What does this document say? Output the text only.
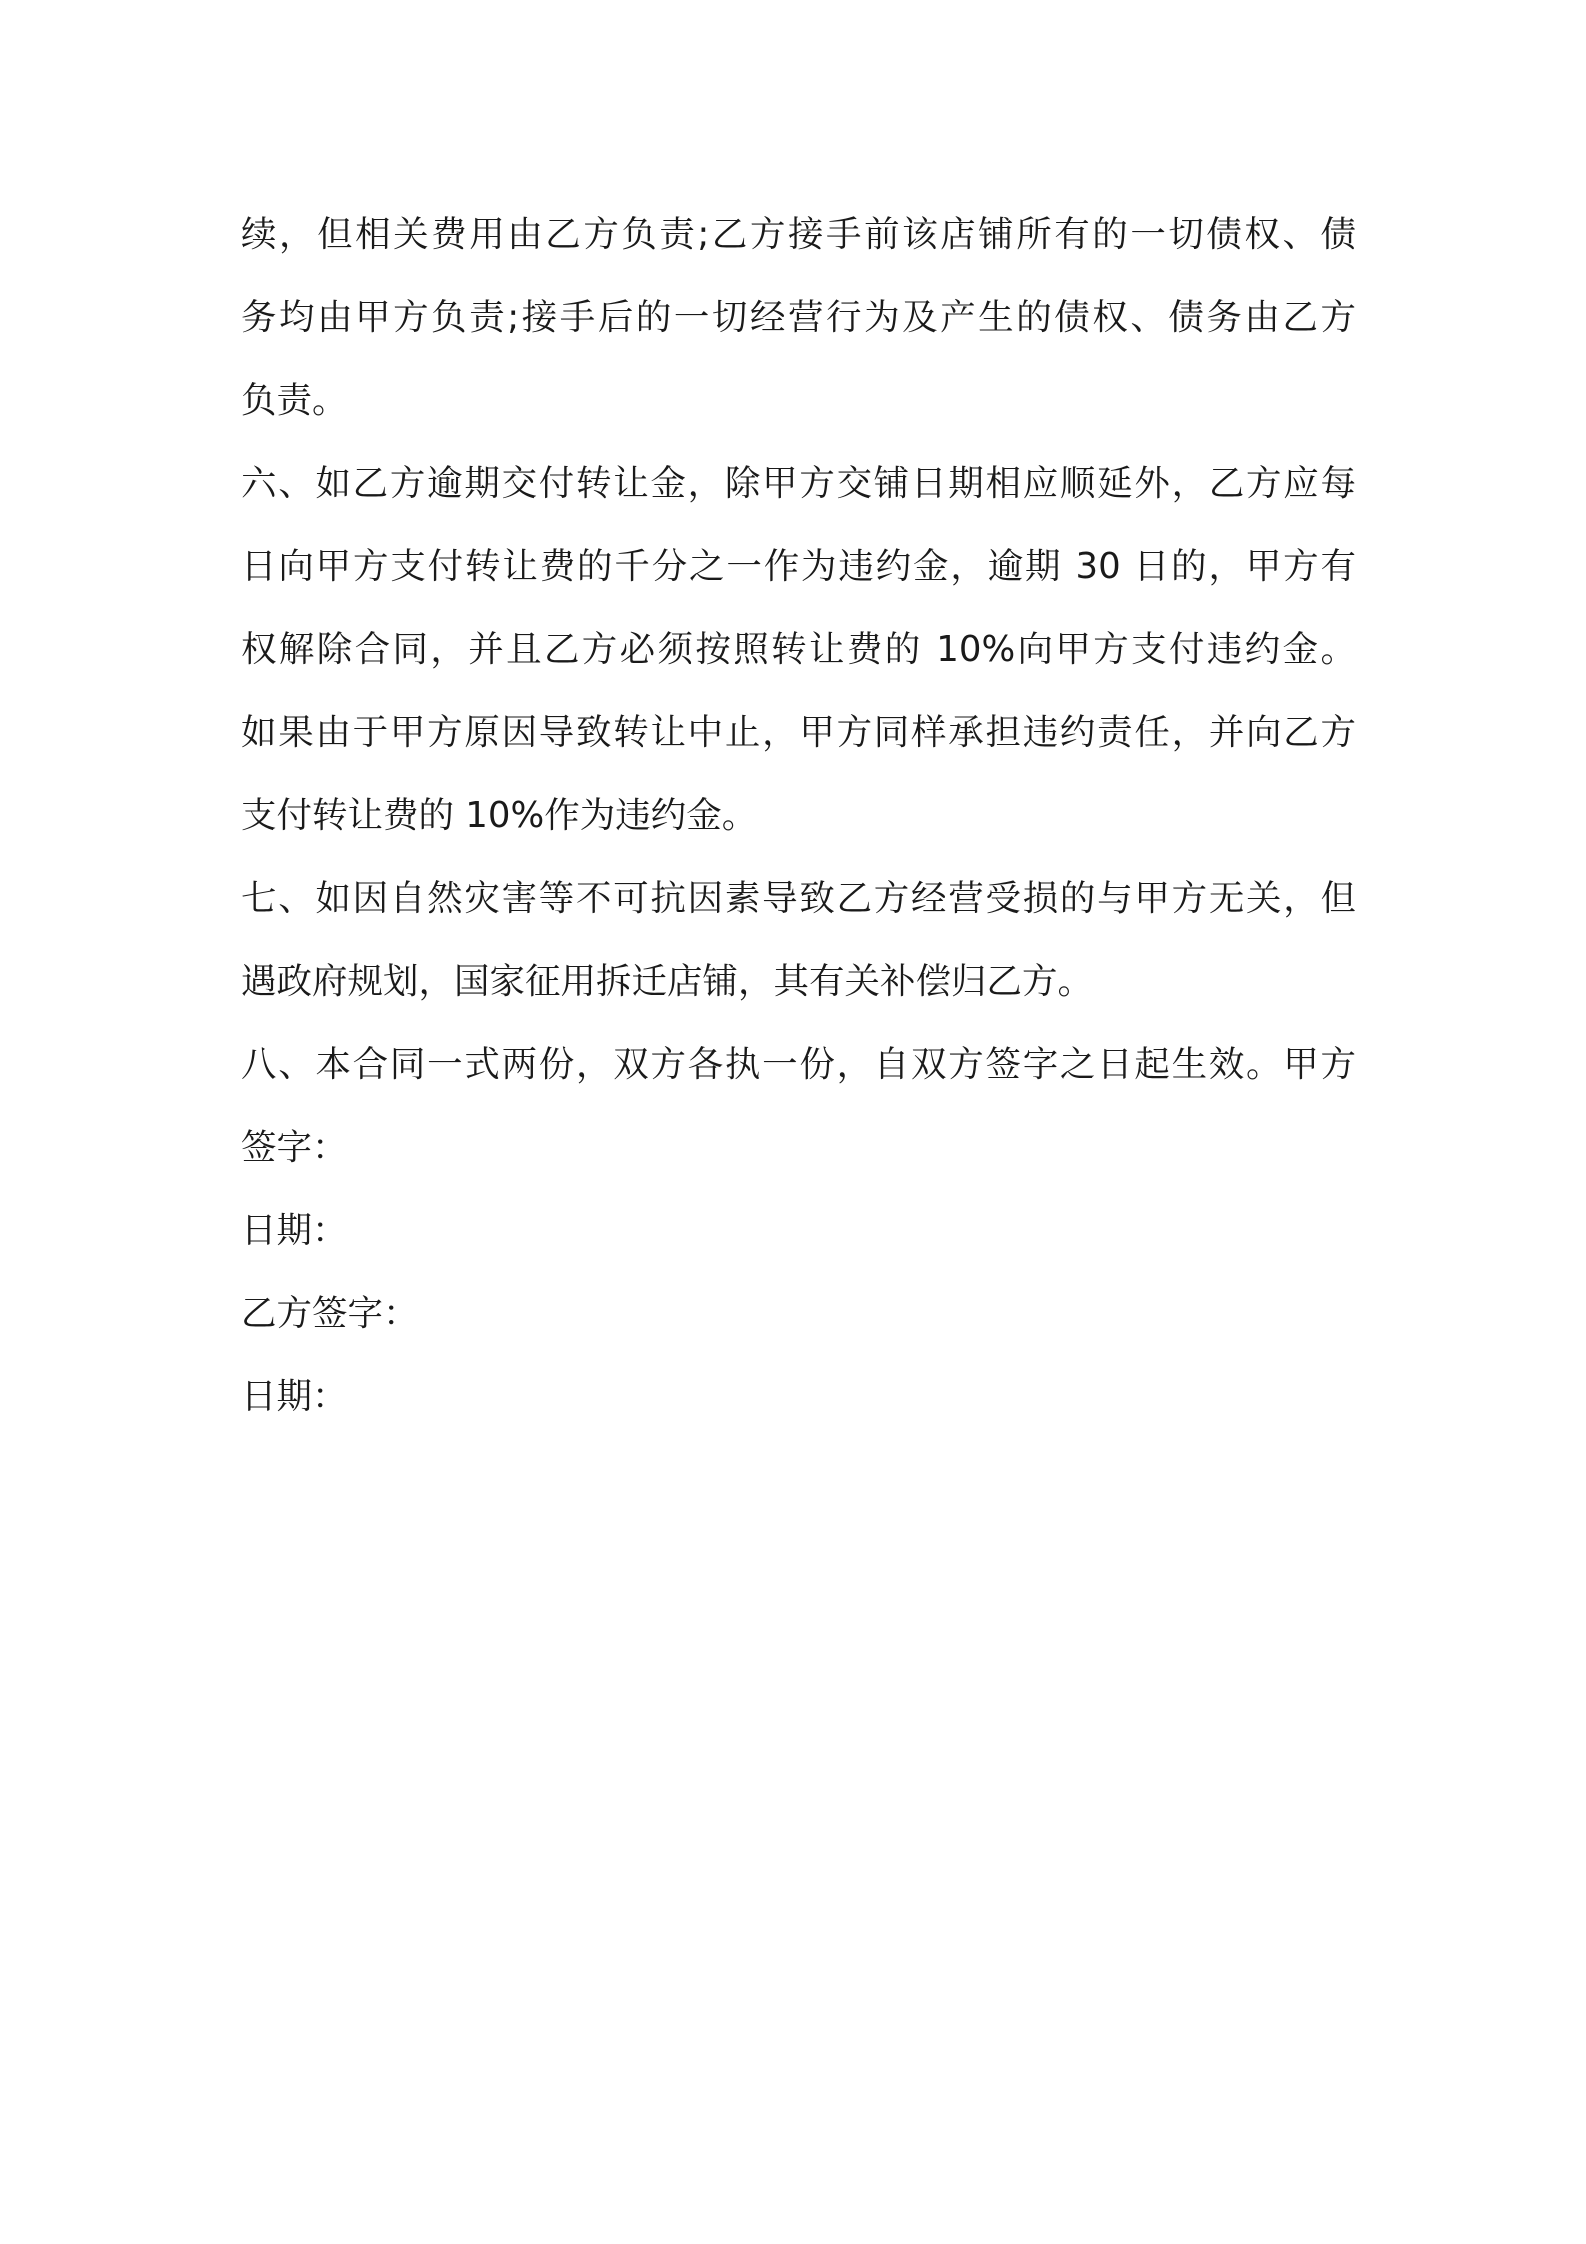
续，但相关费用由乙方负责;乙方接手前该店铺所有的一切债权、债
务均由甲方负责;接手后的一切经营行为及产生的债权、债务由乙方
负责。
六、如乙方逾期交付转让金，除甲方交铺日期相应顺延外，乙方应每
日向甲方支付转让费的千分之一作为违约金，逾期 30 日的，甲方有
权解除合同，并且乙方必须按照转让费的 10%向甲方支付违约金。
如果由于甲方原因导致转让中止，甲方同样承担违约责任，并向乙方
支付转让费的 10%作为违约金。
七、如因自然灾害等不可抗因素导致乙方经营受损的与甲方无关，但
遇政府规划，国家征用拆迁店铺，其有关补偿归乙方。
八、本合同一式两份，双方各执一份，自双方签字之日起生效。甲方
签字：
日期：
乙方签字：
日期：
